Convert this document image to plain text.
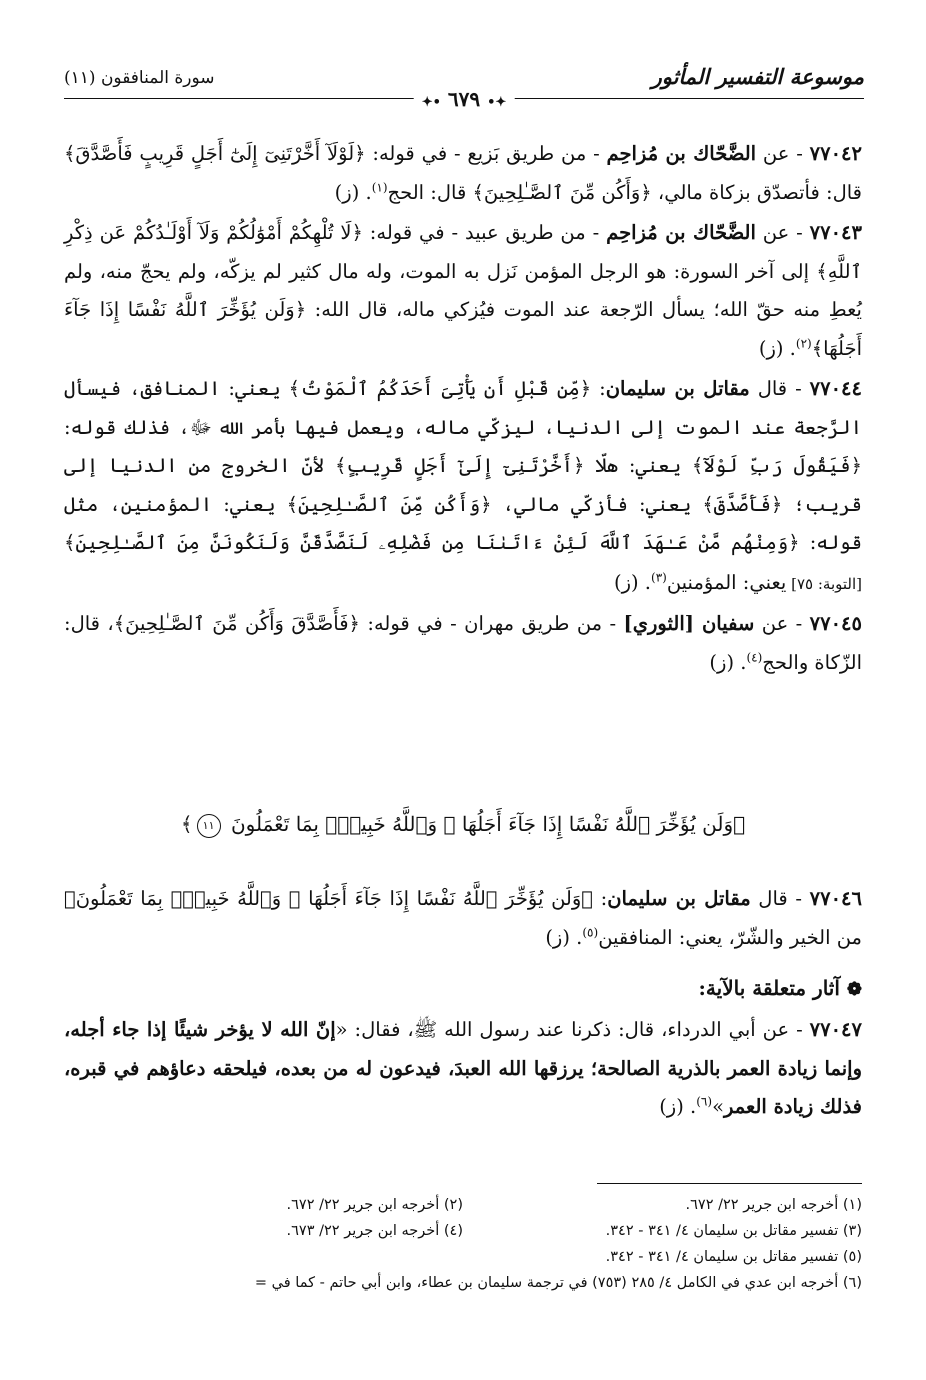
موسوعة التفسير المأثور
سورة المنافقون (١١)
✦• ٦٧٩ •✦

٧٧٠٤٢ - عن الضَّحّاك بن مُزاحِم - من طريق بَزيع - في قوله: ﴿لَوْلَآ أَخَّرْتَنِىٓ إِلَىٰٓ أَجَلٍ قَرِيبٍ فَأَصَّدَّقَ﴾ قال: فأتصدّق بزكاة مالي، ﴿وَأَكُن مِّنَ ٱلصَّـٰلِحِينَ﴾ قال: الحج$^{(١)}$. (ز)

٧٧٠٤٣ - عن الضَّحّاك بن مُزاحِم - من طريق عبيد - في قوله: ﴿لَا تُلْهِكُمْ أَمْوَٰلُكُمْ وَلَآ أَوْلَـٰدُكُمْ عَن ذِكْرِ ٱللَّهِ﴾ إلى آخر السورة: هو الرجل المؤمن نَزل به الموت، وله مال كثير لم يزكّه، ولم يحجّ منه، ولم يُعطِ منه حقّ الله؛ يسأل الرّجعة عند الموت فيُزكي ماله، قال الله: ﴿وَلَن يُؤَخِّرَ ٱللَّهُ نَفْسًا إِذَا جَآءَ أَجَلُهَا﴾$^{(٢)}$. (ز)

٧٧٠٤٤ - قال مقاتل بن سليمان: ﴿مِّن قَبْلِ أَن يَأْتِىَ أَحَدَكُمُ ٱلْمَوْتُ﴾ يعني: المنافق، فيسأل الرَّجعة عند الموت إلى الدنيا، ليزكّي ماله، ويعمل فيها بأمر الله ﷻ، فذلك قوله: ﴿فَيَقُولَ رَبِّ لَوْلَآ﴾ يعني: هلّا ﴿أَخَّرْتَنِىٓ إِلَىٰٓ أَجَلٍ قَرِيبٍ﴾ لأنّ الخروج من الدنيا إلى قريب؛ ﴿فَأَصَّدَّقَ﴾ يعني: فأزكّي مالي، ﴿وَأَكُن مِّنَ ٱلصَّـٰلِحِينَ﴾ يعني: المؤمنين، مثل قوله: ﴿وَمِنْهُم مَّنْ عَـٰهَدَ ٱللَّهَ لَئِنْ ءَاتَىٰنَا مِن فَضْلِهِۦ لَنَصَّدَّقَنَّ وَلَنَكُونَنَّ مِنَ ٱلصَّـٰلِحِينَ﴾ [التوبة: ٧٥] يعني: المؤمنين$^{(٣)}$. (ز)

٧٧٠٤٥ - عن سفيان [الثوري] - من طريق مهران - في قوله: ﴿فَأَصَّدَّقَ وَأَكُن مِّنَ ٱلصَّـٰلِحِينَ﴾، قال: الزّكاة والحج$^{(٤)}$. (ز)

﴿وَلَن يُؤَخِّرَ ٱللَّهُ نَفْسًا إِذَا جَآءَ أَجَلُهَا ۚ وَٱللَّهُ خَبِيرٌۢ بِمَا تَعْمَلُونَ ١١﴾

٧٧٠٤٦ - قال مقاتل بن سليمان: ﴿وَلَن يُؤَخِّرَ ٱللَّهُ نَفْسًا إِذَا جَآءَ أَجَلُهَا ۚ وَٱللَّهُ خَبِيرٌۢ بِمَا تَعْمَلُونَ﴾ من الخير والشّرّ، يعني: المنافقين$^{(٥)}$. (ز)

❁ آثار متعلقة بالآية:

٧٧٠٤٧ - عن أبي الدرداء، قال: ذكرنا عند رسول الله ﷺ، فقال: «إنّ الله لا يؤخر شيئًا إذا جاء أجله، وإنما زيادة العمر بالذرية الصالحة؛ يرزقها الله العبدَ، فيدعون له من بعده، فيلحقه دعاؤهم في قبره، فذلك زيادة العمر»$^{(٦)}$. (ز)

(١) أخرجه ابن جرير ٢٢/ ٦٧٢.
(٢) أخرجه ابن جرير ٢٢/ ٦٧٢.
(٣) تفسير مقاتل بن سليمان ٤/ ٣٤١ - ٣٤٢.
(٤) أخرجه ابن جرير ٢٢/ ٦٧٣.
(٥) تفسير مقاتل بن سليمان ٤/ ٣٤١ - ٣٤٢.
(٦) أخرجه ابن عدي في الكامل ٤/ ٢٨٥ (٧٥٣) في ترجمة سليمان بن عطاء، وابن أبي حاتم - كما في =
